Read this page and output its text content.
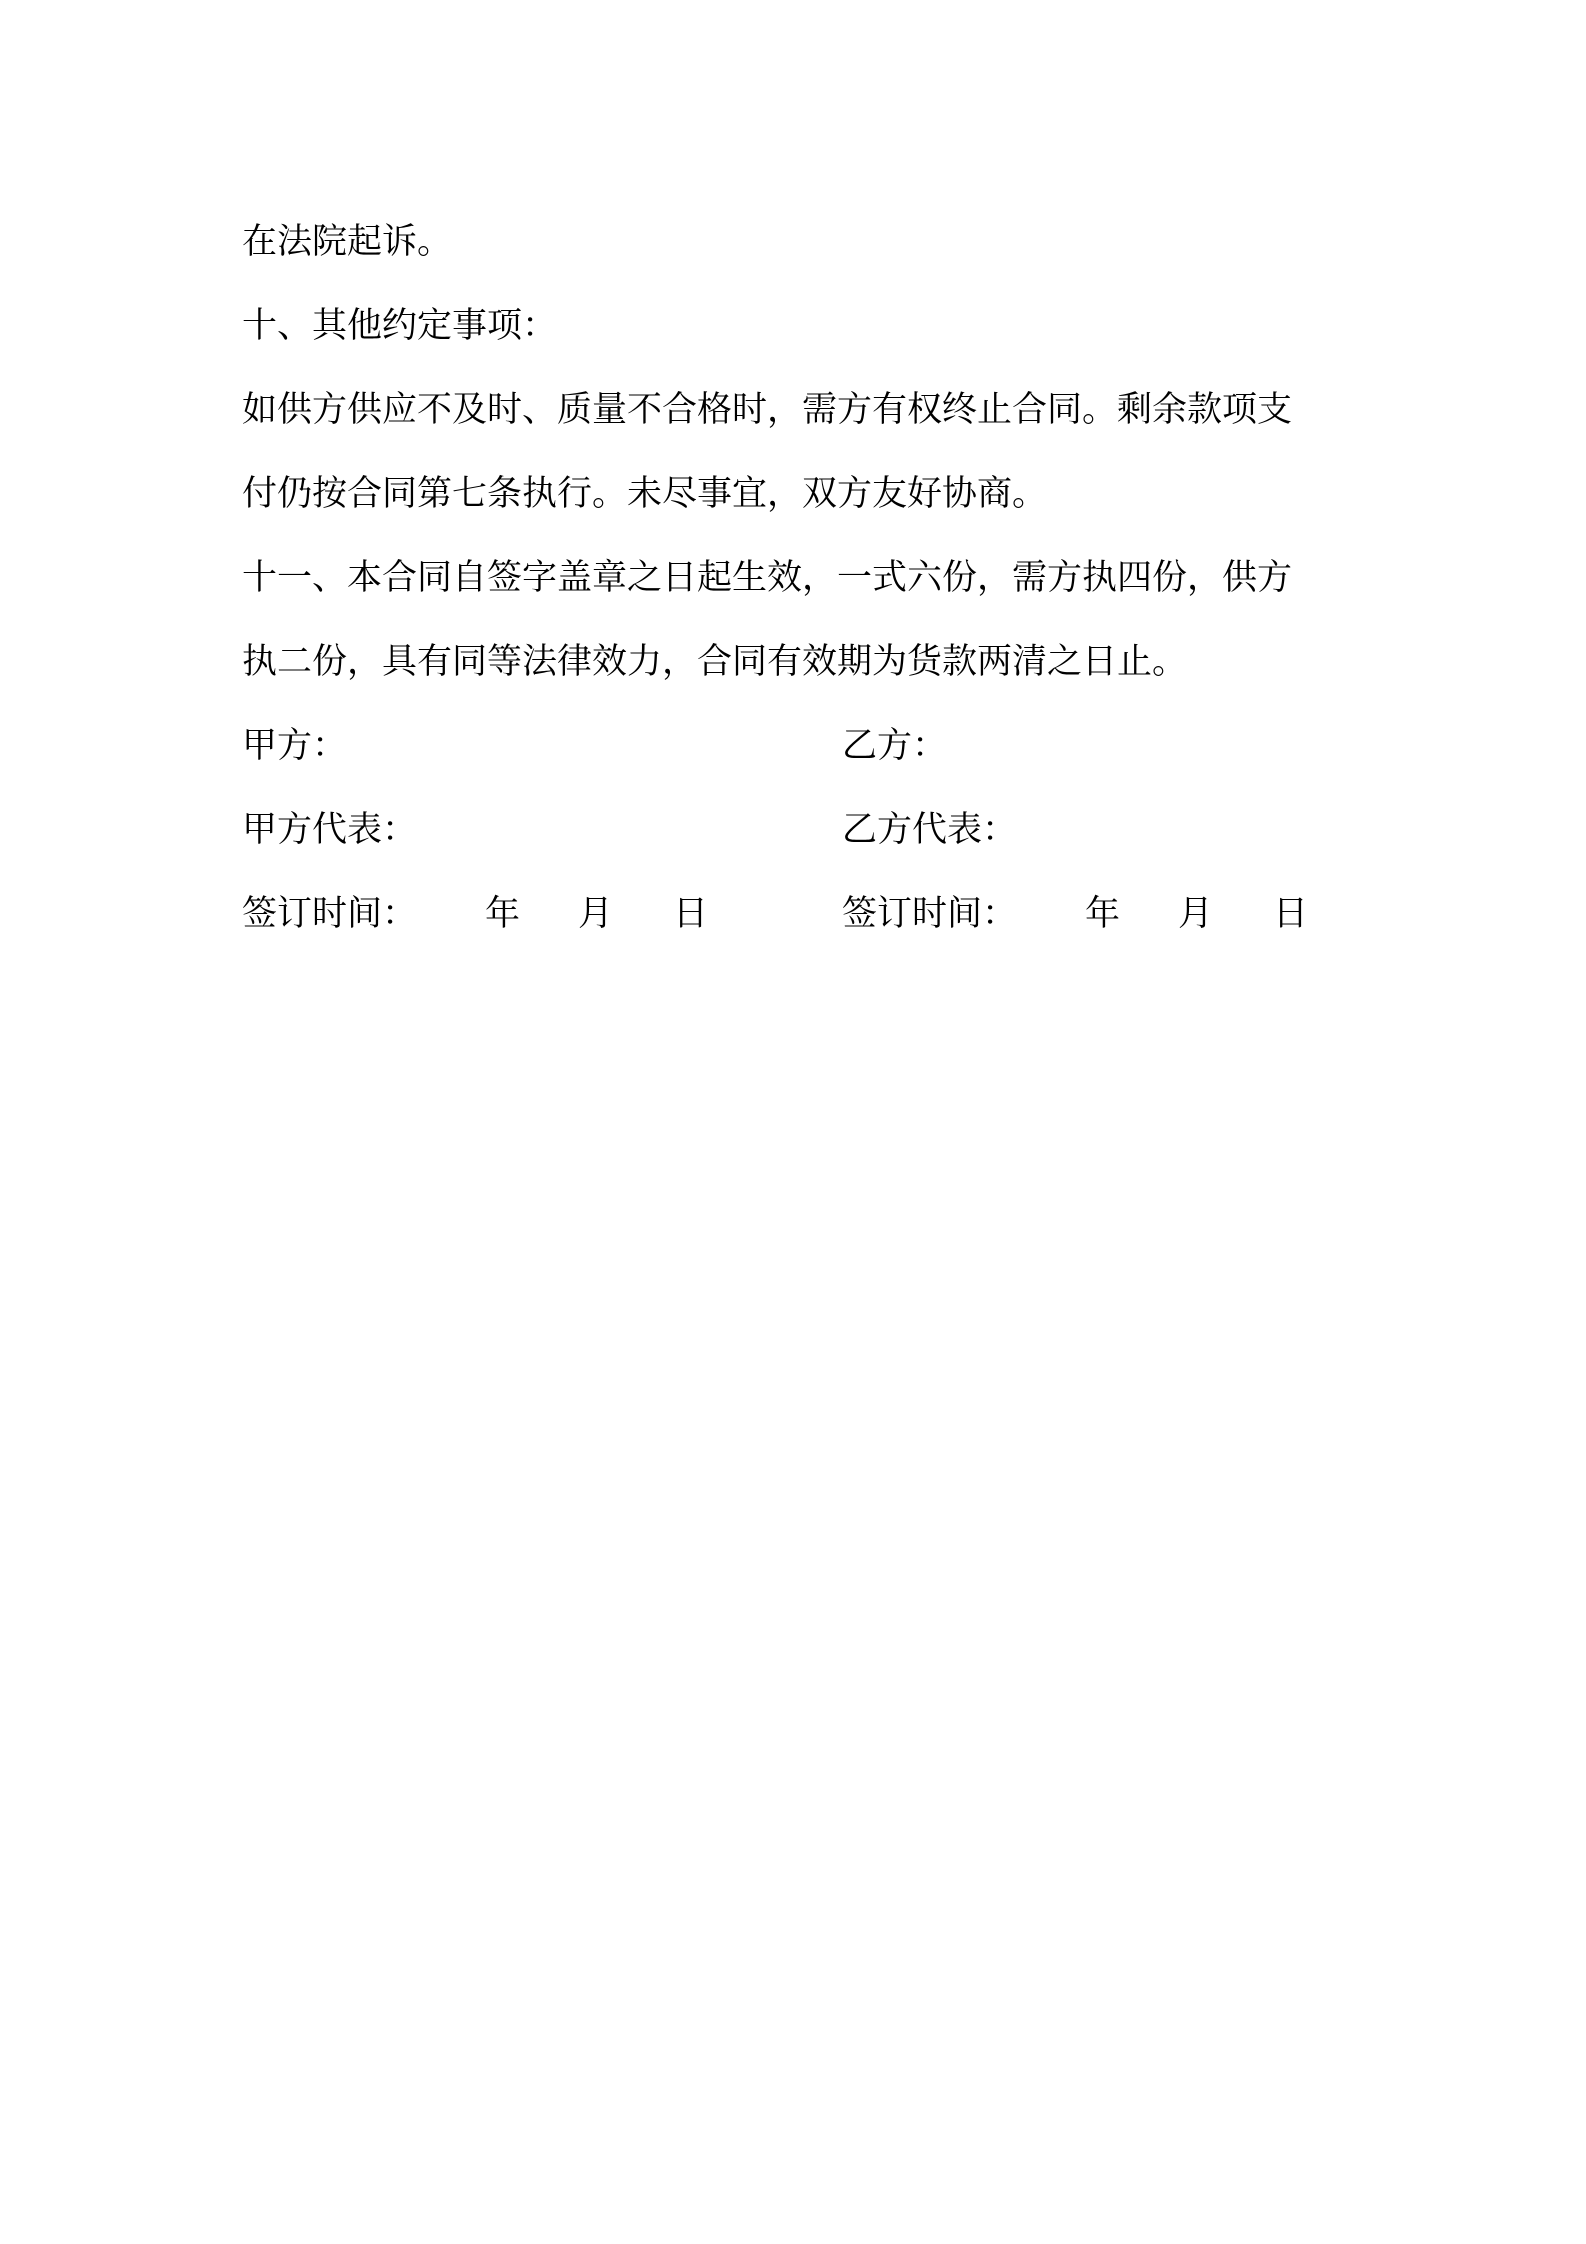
在法院起诉。
十、其他约定事项：
如供方供应不及时、质量不合格时，需方有权终止合同。剩余款项支
付仍按合同第七条执行。未尽事宜，双方友好协商。
十一、本合同自签字盖章之日起生效，一式六份，需方执四份，供方
执二份，具有同等法律效力，合同有效期为货款两清之日止。
甲方：	乙方：
甲方代表：	乙方代表：
签订时间： 年 月 日	签订时间： 年 月 日
